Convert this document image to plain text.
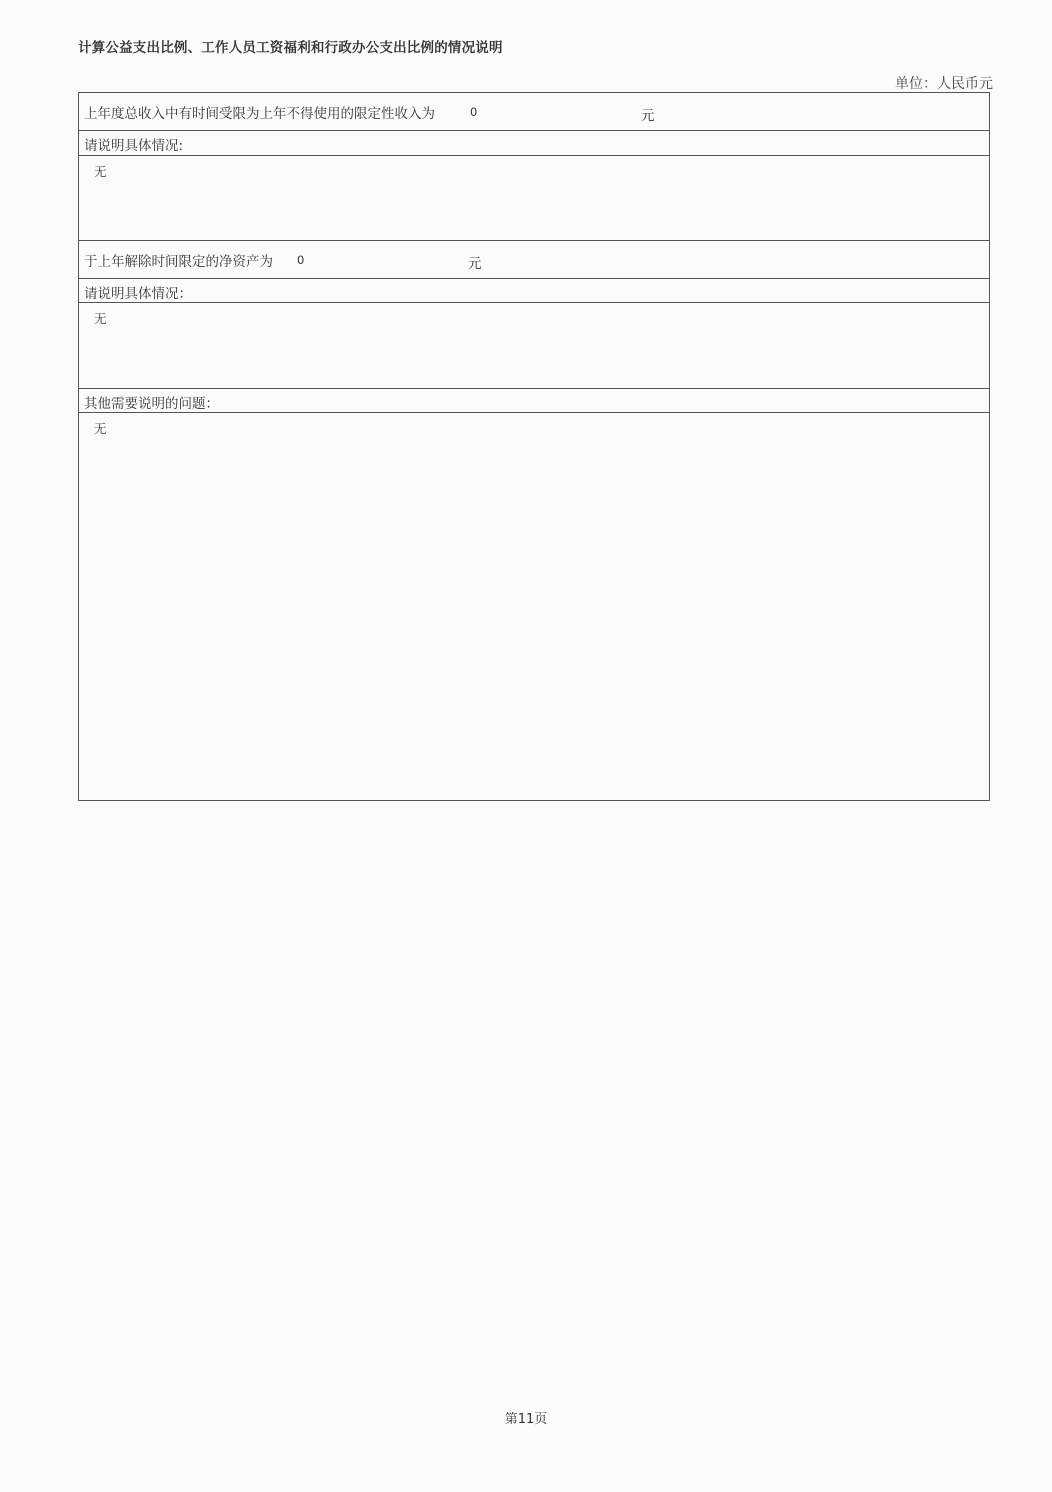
计算公益支出比例、工作人员工资福利和行政办公支出比例的情况说明
单位：人民币元
上年度总收入中有时间受限为上年不得使用的限定性收入为	0	元
请说明具体情况:
无
于上年解除时间限定的净资产为 0	元
请说明具体情况：
无
其他需要说明的问题：
无
第11页
